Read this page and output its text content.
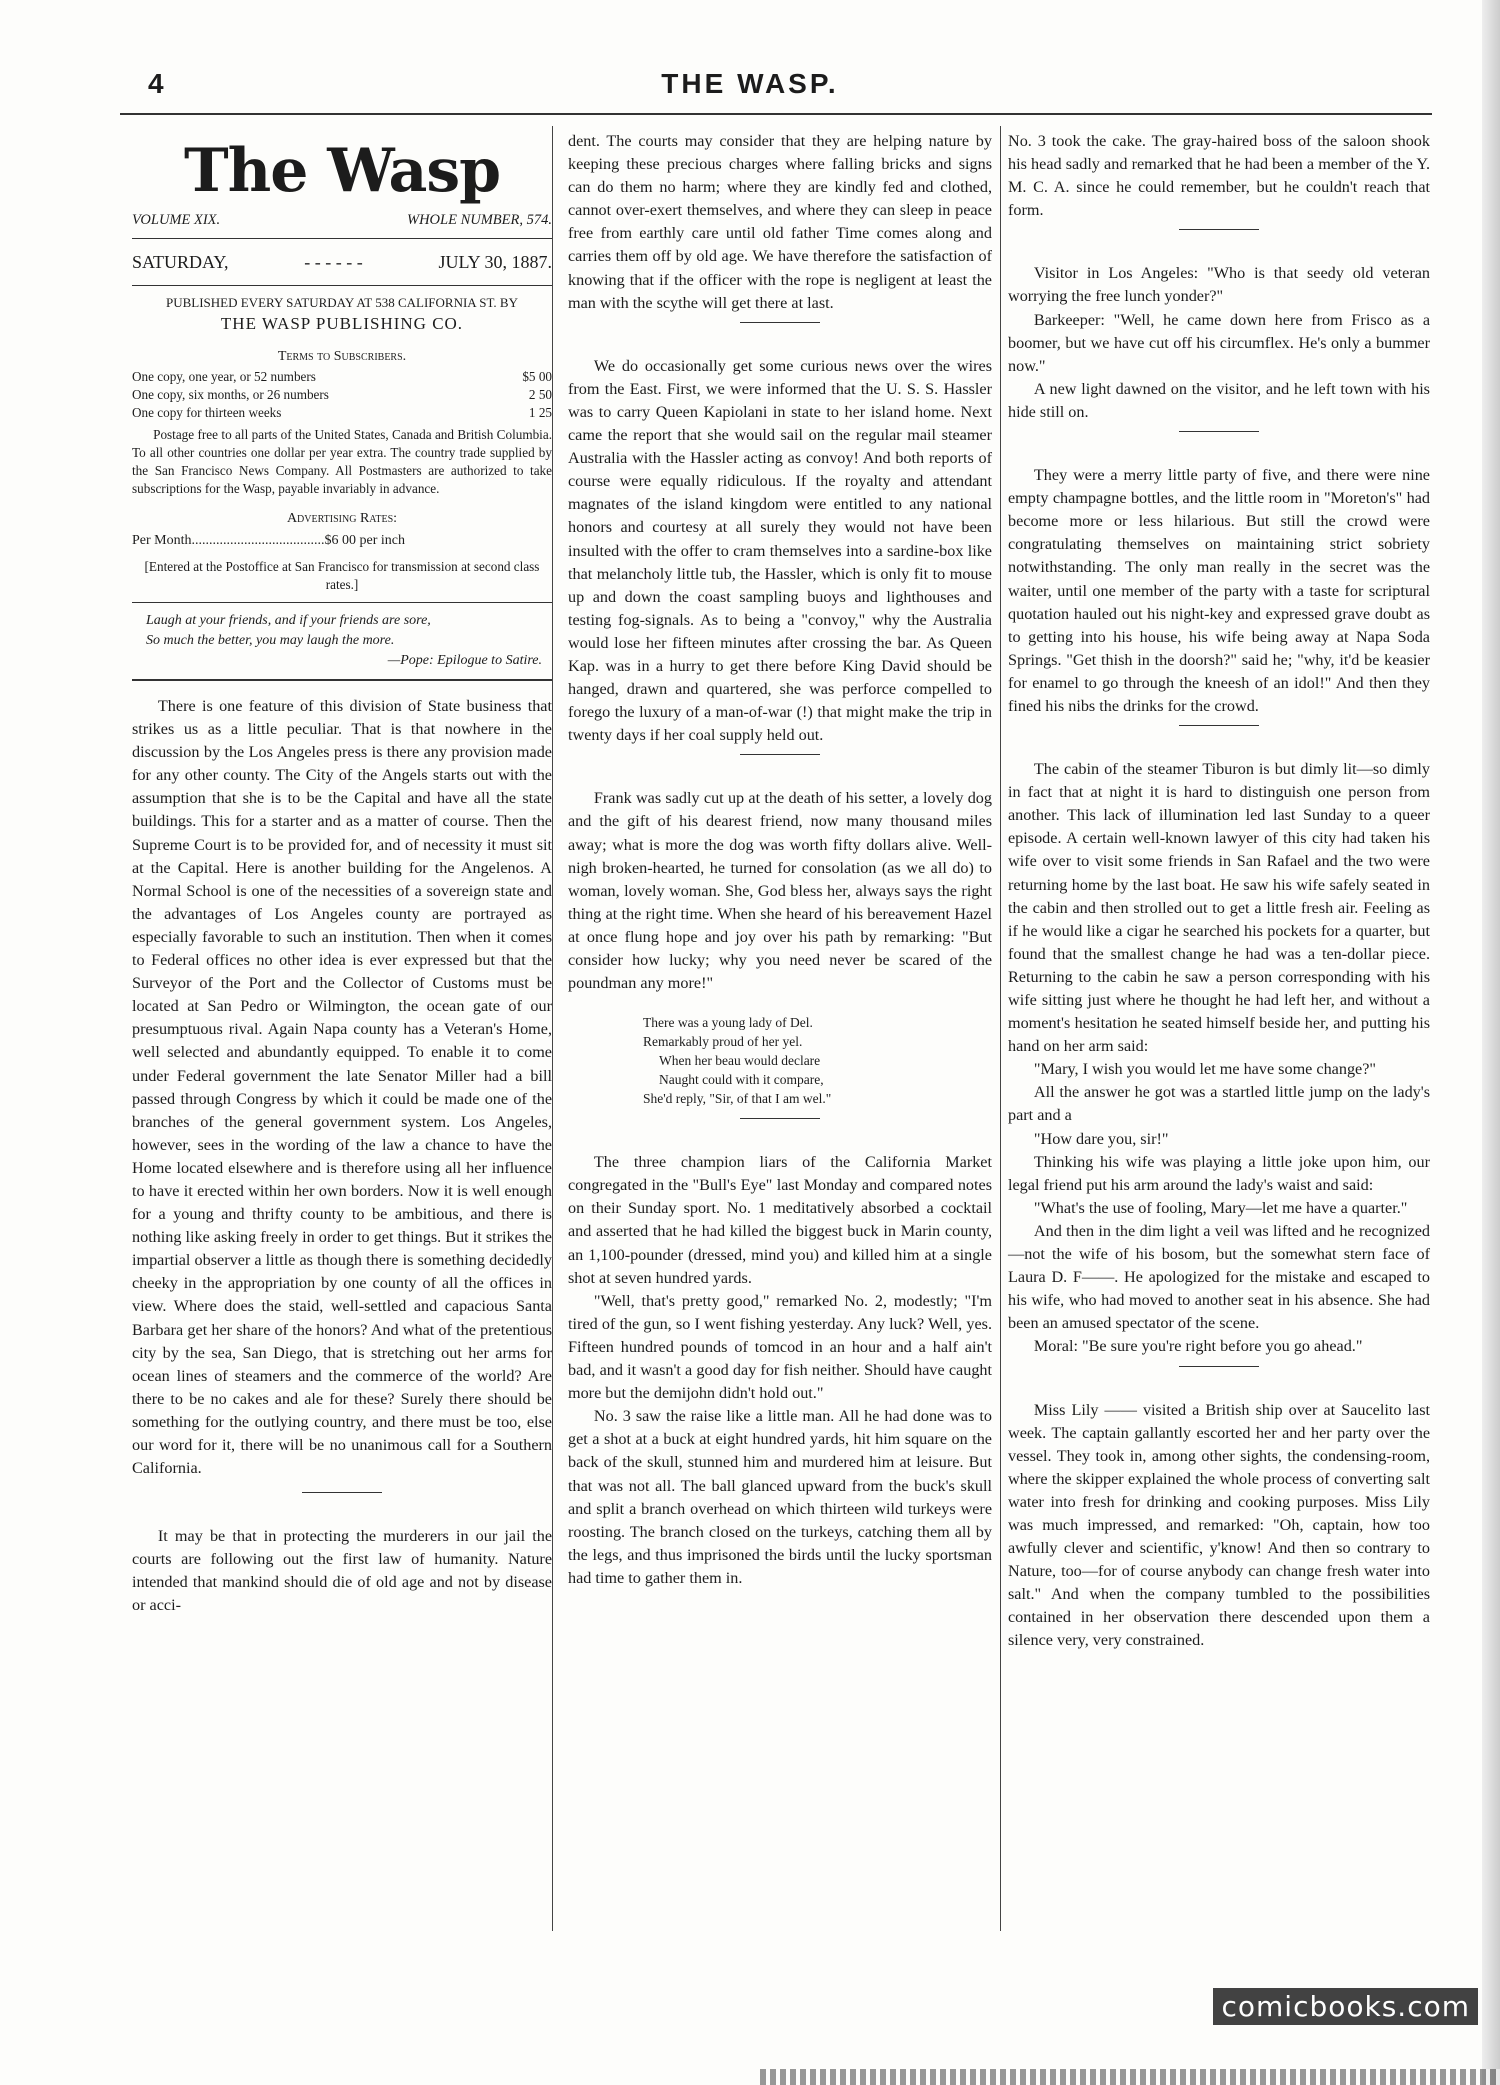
4	THE WASP.
The Wasp
VOLUME XIX.	WHOLE NUMBER, 574.
SATURDAY,	- - - - - -	JULY 30, 1887.
PUBLISHED EVERY SATURDAY AT 538 CALIFORNIA ST. BY
THE WASP PUBLISHING CO.
Terms to Subscribers.
One copy, one year, or 52 numbers	$5 00
One copy, six months, or 26 numbers	2 50
One copy for thirteen weeks	1 25
Postage free to all parts of the United States, Canada and British Columbia. To all other countries one dollar per year extra. The country trade supplied by the San Francisco News Company. All Postmasters are authorized to take subscriptions for the Wasp, payable invariably in advance.
Advertising Rates:
Per Month......................................$6 00 per inch
[Entered at the Postoffice at San Francisco for transmission at second class rates.]
Laugh at your friends, and if your friends are sore,
So much the better, you may laugh the more.
—Pope: Epilogue to Satire.

There is one feature of this division of State business that strikes us as a little peculiar. That is that nowhere in the discussion by the Los Angeles press is there any provision made for any other county. The City of the Angels starts out with the assumption that she is to be the Capital and have all the state buildings. This for a starter and as a matter of course. Then the Supreme Court is to be provided for, and of necessity it must sit at the Capital. Here is another building for the Angelenos. A Normal School is one of the necessities of a sovereign state and the advantages of Los Angeles county are portrayed as especially favorable to such an institution. Then when it comes to Federal offices no other idea is ever expressed but that the Surveyor of the Port and the Collector of Customs must be located at San Pedro or Wilmington, the ocean gate of our presumptuous rival. Again Napa county has a Veteran's Home, well selected and abundantly equipped. To enable it to come under Federal government the late Senator Miller had a bill passed through Congress by which it could be made one of the branches of the general government system. Los Angeles, however, sees in the wording of the law a chance to have the Home located elsewhere and is therefore using all her influence to have it erected within her own borders. Now it is well enough for a young and thrifty county to be ambitious, and there is nothing like asking freely in order to get things. But it strikes the impartial observer a little as though there is something decidedly cheeky in the appropriation by one county of all the offices in view. Where does the staid, well-settled and capacious Santa Barbara get her share of the honors? And what of the pretentious city by the sea, San Diego, that is stretching out her arms for ocean lines of steamers and the commerce of the world? Are there to be no cakes and ale for these? Surely there should be something for the outlying country, and there must be too, else our word for it, there will be no unanimous call for a Southern California.

It may be that in protecting the murderers in our jail the courts are following out the first law of humanity. Nature intended that mankind should die of old age and not by disease or acci-

dent. The courts may consider that they are helping nature by keeping these precious charges where falling bricks and signs can do them no harm; where they are kindly fed and clothed, cannot over-exert themselves, and where they can sleep in peace free from earthly care until old father Time comes along and carries them off by old age. We have therefore the satisfaction of knowing that if the officer with the rope is negligent at least the man with the scythe will get there at last.

We do occasionally get some curious news over the wires from the East. First, we were informed that the U. S. S. Hassler was to carry Queen Kapiolani in state to her island home. Next came the report that she would sail on the regular mail steamer Australia with the Hassler acting as convoy! And both reports of course were equally ridiculous. If the royalty and attendant magnates of the island kingdom were entitled to any national honors and courtesy at all surely they would not have been insulted with the offer to cram themselves into a sardine-box like that melancholy little tub, the Hassler, which is only fit to mouse up and down the coast sampling buoys and lighthouses and testing fog-signals. As to being a "convoy," why the Australia would lose her fifteen minutes after crossing the bar. As Queen Kap. was in a hurry to get there before King David should be hanged, drawn and quartered, she was perforce compelled to forego the luxury of a man-of-war (!) that might make the trip in twenty days if her coal supply held out.

Frank was sadly cut up at the death of his setter, a lovely dog and the gift of his dearest friend, now many thousand miles away; what is more the dog was worth fifty dollars alive. Well-nigh broken-hearted, he turned for consolation (as we all do) to woman, lovely woman. She, God bless her, always says the right thing at the right time. When she heard of his bereavement Hazel at once flung hope and joy over his path by remarking: "But consider how lucky; why you need never be scared of the poundman any more!"

There was a young lady of Del.
Remarkably proud of her yel.
When her beau would declare
Naught could with it compare,
She'd reply, "Sir, of that I am wel."

The three champion liars of the California Market congregated in the "Bull's Eye" last Monday and compared notes on their Sunday sport. No. 1 meditatively absorbed a cocktail and asserted that he had killed the biggest buck in Marin county, an 1,100-pounder (dressed, mind you) and killed him at a single shot at seven hundred yards.

"Well, that's pretty good," remarked No. 2, modestly; "I'm tired of the gun, so I went fishing yesterday. Any luck? Well, yes. Fifteen hundred pounds of tomcod in an hour and a half ain't bad, and it wasn't a good day for fish neither. Should have caught more but the demijohn didn't hold out."

No. 3 saw the raise like a little man. All he had done was to get a shot at a buck at eight hundred yards, hit him square on the back of the skull, stunned him and murdered him at leisure. But that was not all. The ball glanced upward from the buck's skull and split a branch overhead on which thirteen wild turkeys were roosting. The branch closed on the turkeys, catching them all by the legs, and thus imprisoned the birds until the lucky sportsman had time to gather them in.

No. 3 took the cake. The gray-haired boss of the saloon shook his head sadly and remarked that he had been a member of the Y. M. C. A. since he could remember, but he couldn't reach that form.

Visitor in Los Angeles: "Who is that seedy old veteran worrying the free lunch yonder?"

Barkeeper: "Well, he came down here from Frisco as a boomer, but we have cut off his circumflex. He's only a bummer now."

A new light dawned on the visitor, and he left town with his hide still on.

They were a merry little party of five, and there were nine empty champagne bottles, and the little room in "Moreton's" had become more or less hilarious. But still the crowd were congratulating themselves on maintaining strict sobriety notwithstanding. The only man really in the secret was the waiter, until one member of the party with a taste for scriptural quotation hauled out his night-key and expressed grave doubt as to getting into his house, his wife being away at Napa Soda Springs. "Get thish in the doorsh?" said he; "why, it'd be keasier for enamel to go through the kneesh of an idol!" And then they fined his nibs the drinks for the crowd.

The cabin of the steamer Tiburon is but dimly lit—so dimly in fact that at night it is hard to distinguish one person from another. This lack of illumination led last Sunday to a queer episode. A certain well-known lawyer of this city had taken his wife over to visit some friends in San Rafael and the two were returning home by the last boat. He saw his wife safely seated in the cabin and then strolled out to get a little fresh air. Feeling as if he would like a cigar he searched his pockets for a quarter, but found that the smallest change he had was a ten-dollar piece. Returning to the cabin he saw a person corresponding with his wife sitting just where he thought he had left her, and without a moment's hesitation he seated himself beside her, and putting his hand on her arm said:

"Mary, I wish you would let me have some change?"

All the answer he got was a startled little jump on the lady's part and a

"How dare you, sir!"

Thinking his wife was playing a little joke upon him, our legal friend put his arm around the lady's waist and said:

"What's the use of fooling, Mary—let me have a quarter."

And then in the dim light a veil was lifted and he recognized—not the wife of his bosom, but the somewhat stern face of Laura D. F——. He apologized for the mistake and escaped to his wife, who had moved to another seat in his absence. She had been an amused spectator of the scene.

Moral: "Be sure you're right before you go ahead."

Miss Lily —— visited a British ship over at Saucelito last week. The captain gallantly escorted her and her party over the vessel. They took in, among other sights, the condensing-room, where the skipper explained the whole process of converting salt water into fresh for drinking and cooking purposes. Miss Lily was much impressed, and remarked: "Oh, captain, how too awfully clever and scientific, y'know! And then so contrary to Nature, too—for of course anybody can change fresh water into salt." And when the company tumbled to the possibilities contained in her observation there descended upon them a silence very, very constrained.

comicbooks.com
